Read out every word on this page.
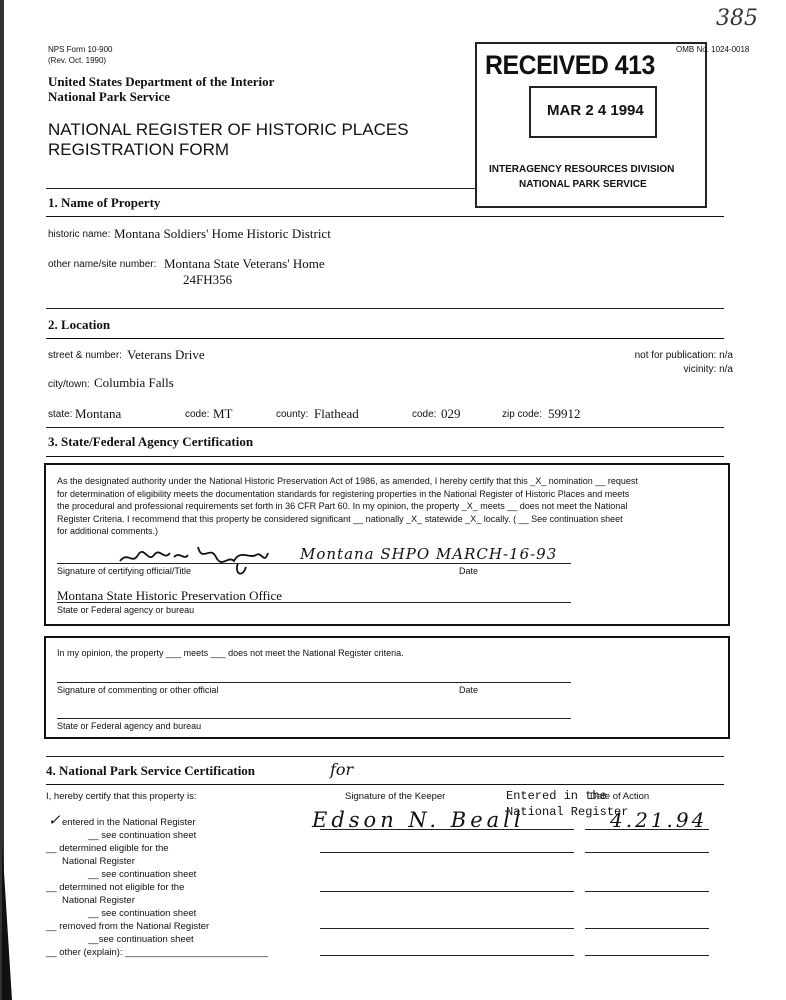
385
NPS Form 10-900
(Rev. Oct. 1990)
OMB No. 1024-0018
United States Department of the Interior
National Park Service
NATIONAL REGISTER OF HISTORIC PLACES
REGISTRATION FORM
RECEIVED 413
MAR 2 4 1994
INTERAGENCY RESOURCES DIVISION
NATIONAL PARK SERVICE
1. Name of Property
historic name: Montana Soldiers' Home Historic District
other name/site number: Montana State Veterans' Home
24FH356
2. Location
street & number: Veterans Drive	not for publication: n/a
vicinity: n/a
city/town: Columbia Falls
state: Montana	code: MT	county: Flathead	code: 029	zip code: 59912
3. State/Federal Agency Certification
As the designated authority under the National Historic Preservation Act of 1986, as amended, I hereby certify that this _X_ nomination __ request
for determination of eligibility meets the documentation standards for registering properties in the National Register of Historic Places and meets
the procedural and professional requirements set forth in 36 CFR Part 60. In my opinion, the property _X_ meets __ does not meet the National
Register Criteria. I recommend that this property be considered significant __ nationally _X_ statewide _X_ locally. ( __ See continuation sheet
for additional comments.)
Montana SHPO MARCH-16-93
Signature of certifying official/Title	Date
Montana State Historic Preservation Office
State or Federal agency or bureau
In my opinion, the property ___ meets ___ does not meet the National Register criteria.
Signature of commenting or other official	Date
State or Federal agency and bureau
4. National Park Service Certification	for
I, hereby certify that this property is:	Signature of the Keeper	Date of Action
Entered in the
National Register
Edson N. Beall	4.21.94
✓ entered in the National Register
__ see continuation sheet
__ determined eligible for the
National Register
__ see continuation sheet
__ determined not eligible for the
National Register
__ see continuation sheet
__ removed from the National Register
__see continuation sheet
__ other (explain): ___________________________
